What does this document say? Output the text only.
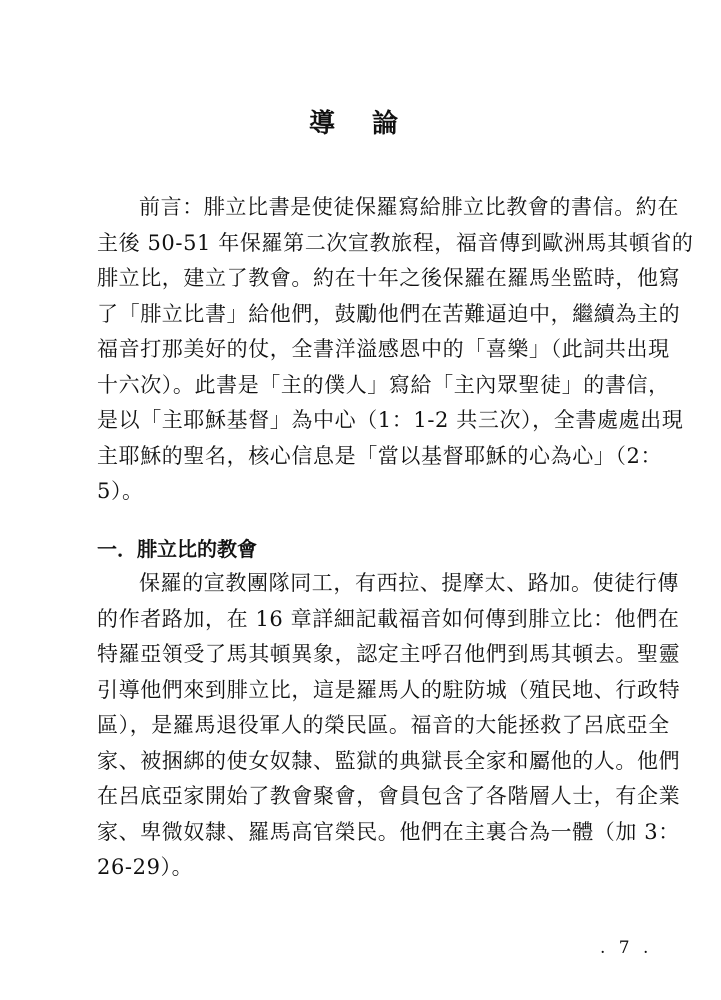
導 論

前言：腓立比書是使徒保羅寫給腓立比教會的書信。約在
主後 50-51 年保羅第二次宣教旅程，福音傳到歐洲馬其頓省的
腓立比，建立了教會。約在十年之後保羅在羅馬坐監時，他寫
了「腓立比書」給他們，鼓勵他們在苦難逼迫中，繼續為主的
福音打那美好的仗，全書洋溢感恩中的「喜樂」（此詞共出現
十六次）。此書是「主的僕人」寫給「主內眾聖徒」的書信，
是以「主耶穌基督」為中心（1：1-2 共三次），全書處處出現
主耶穌的聖名，核心信息是「當以基督耶穌的心為心」（2：
5）。

一．腓立比的教會

保羅的宣教團隊同工，有西拉、提摩太、路加。使徒行傳
的作者路加，在 16 章詳細記載福音如何傳到腓立比：他們在
特羅亞領受了馬其頓異象，認定主呼召他們到馬其頓去。聖靈
引導他們來到腓立比，這是羅馬人的駐防城（殖民地、行政特
區），是羅馬退役軍人的榮民區。福音的大能拯救了呂底亞全
家、被捆綁的使女奴隸、監獄的典獄長全家和屬他的人。他們
在呂底亞家開始了教會聚會，會員包含了各階層人士，有企業
家、卑微奴隸、羅馬高官榮民。他們在主裏合為一體（加 3：
26-29）。

. 7 .
